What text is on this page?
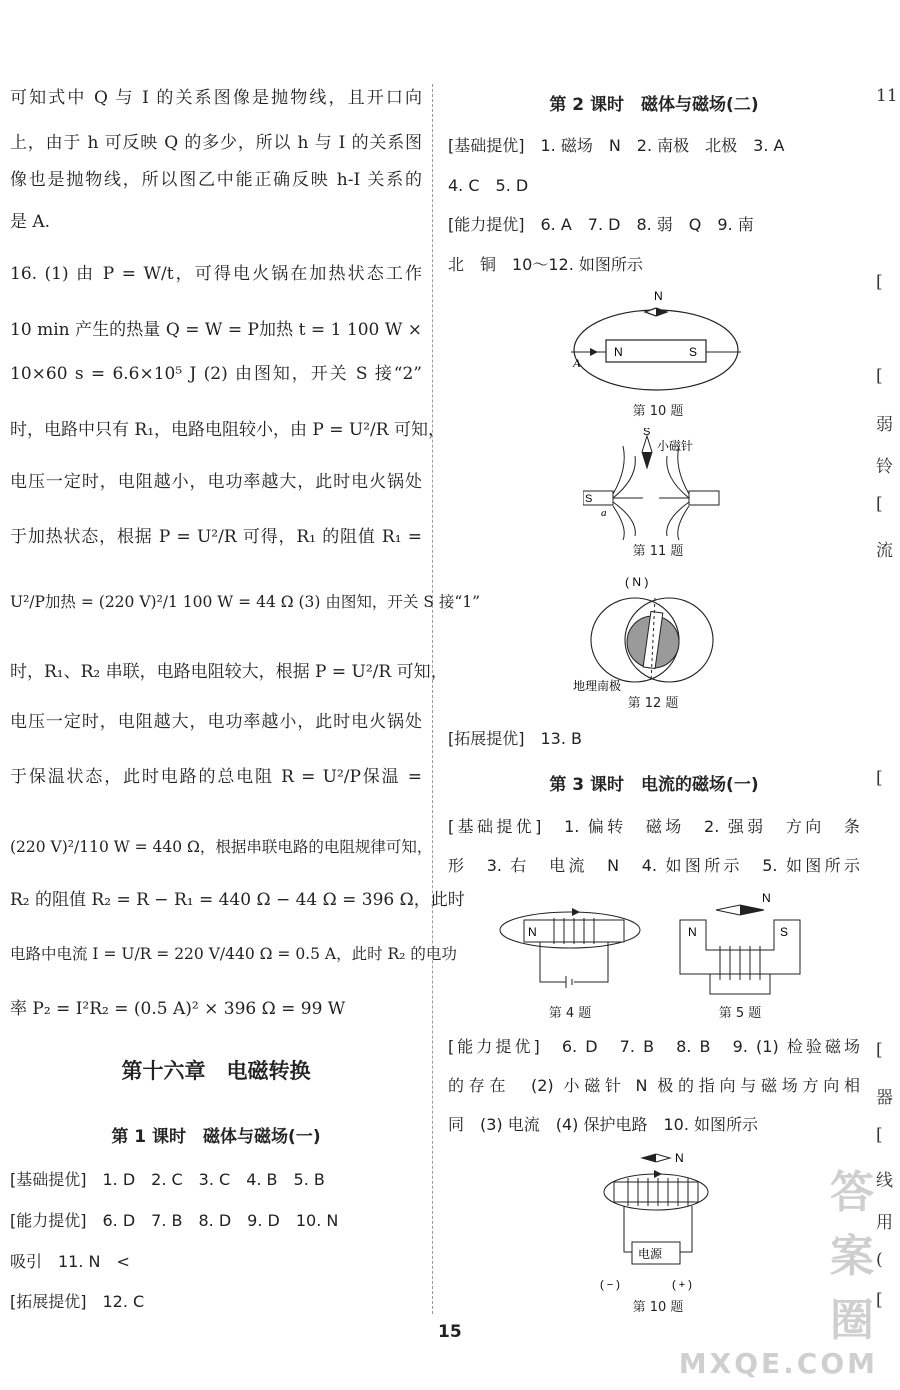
可知式中 Q 与 I 的关系图像是抛物线，且开口向
上，由于 h 可反映 Q 的多少，所以 h 与 I 的关系图
像也是抛物线，所以图乙中能正确反映 h-I 关系的
是 A.
16. (1) 由 P = W/t，可得电火锅在加热状态工作
10 min 产生的热量 Q = W = P加热 t = 1 100 W ×
10×60 s = 6.6×10⁵ J (2) 由图知，开关 S 接“2”
时，电路中只有 R₁，电路电阻较小，由 P = U²/R 可知，
电压一定时，电阻越小，电功率越大，此时电火锅处
于加热状态，根据 P = U²/R 可得，R₁ 的阻值 R₁ =
U²/P加热 = (220 V)²/1 100 W = 44 Ω (3) 由图知，开关 S 接“1”
时，R₁、R₂ 串联，电路电阻较大，根据 P = U²/R 可知，
电压一定时，电阻越大，电功率越小，此时电火锅处
于保温状态，此时电路的总电阻 R = U²/P保温 =
(220 V)²/110 W = 440 Ω，根据串联电路的电阻规律可知，
R₂ 的阻值 R₂ = R − R₁ = 440 Ω − 44 Ω = 396 Ω，此时
电路中电流 I = U/R = 220 V/440 Ω = 0.5 A，此时 R₂ 的电功
率 P₂ = I²R₂ = (0.5 A)² × 396 Ω = 99 W
第十六章　电磁转换
第 1 课时　磁体与磁场(一)
[基础提优]　1. D　2. C　3. C　4. B　5. B
[能力提优]　6. D　7. B　8. D　9. D　10. N
吸引　11. N　<
[拓展提优]　12. C
第 2 课时　磁体与磁场(二)
[基础提优]　1. 磁场　N　2. 南极　北极　3. A
4. C　5. D
[能力提优]　6. A　7. D　8. 弱　Q　9. 南
北　铜　10～12. 如图所示
N
N	S
A
第 10 题
S
小磁针
S
a
第 11 题
( N )
地理南极
第 12 题
[拓展提优]　13. B
第 3 课时　电流的磁场(一)
[基础提优]　1. 偏转　磁场　2. 强弱　方向　条
形　3. 右　电流　N　4. 如图所示　5. 如图所示
N
第 4 题
N
N	S
第 5 题
[能力提优]　6. D　7. B　8. B　9. (1) 检验磁场
的存在　(2) 小磁针 N 极的指向与磁场方向相
同　(3) 电流　(4) 保护电路　10. 如图所示
N
电源
( − )	( + )
第 10 题
11
[
[
弱
铃
[
流
[
[
器
[
线
用
(
[
15
答案圈
MXQE.COM
